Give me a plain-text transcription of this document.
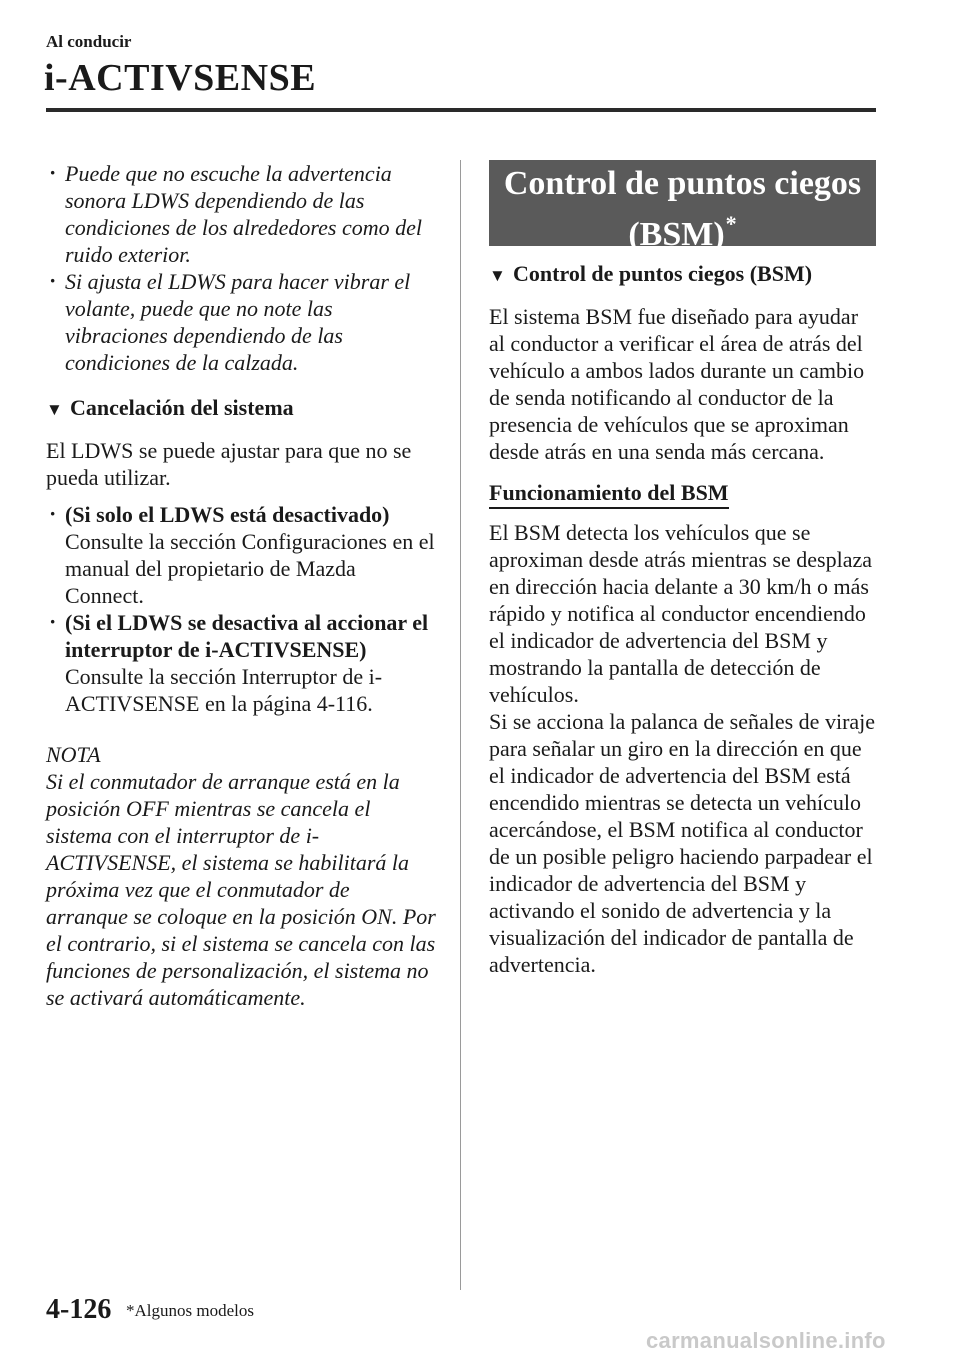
Al conducir
i-ACTIVSENSE

· Puede que no escuche la advertencia sonora LDWS dependiendo de las condiciones de los alrededores como del ruido exterior.

· Si ajusta el LDWS para hacer vibrar el volante, puede que no note las vibraciones dependiendo de las condiciones de la calzada.

▼ Cancelación del sistema

El LDWS se puede ajustar para que no se pueda utilizar.

· (Si solo el LDWS está desactivado)
Consulte la sección Configuraciones en el manual del propietario de Mazda Connect.
· (Si el LDWS se desactiva al accionar el interruptor de i-ACTIVSENSE)
Consulte la sección Interruptor de i-ACTIVSENSE en la página 4-116.

NOTA

Si el conmutador de arranque está en la posición OFF mientras se cancela el sistema con el interruptor de i-ACTIVSENSE, el sistema se habilitará la próxima vez que el conmutador de arranque se coloque en la posición ON. Por el contrario, si el sistema se cancela con las funciones de personalización, el sistema no se activará automáticamente.

Control de puntos ciegos
(BSM)*
▼ Control de puntos ciegos (BSM)

El sistema BSM fue diseñado para ayudar al conductor a verificar el área de atrás del vehículo a ambos lados durante un cambio de senda notificando al conductor de la presencia de vehículos que se aproximan desde atrás en una senda más cercana.

Funcionamiento del BSM

El BSM detecta los vehículos que se aproximan desde atrás mientras se desplaza en dirección hacia delante a 30 km/h o más rápido y notifica al conductor encendiendo el indicador de advertencia del BSM y mostrando la pantalla de detección de vehículos.

Si se acciona la palanca de señales de viraje para señalar un giro en la dirección en que el indicador de advertencia del BSM está encendido mientras se detecta un vehículo acercándose, el BSM notifica al conductor de un posible peligro haciendo parpadear el indicador de advertencia del BSM y activando el sonido de advertencia y la visualización del indicador de pantalla de advertencia.

4-126 *Algunos modelos
carmanualsonline.info
